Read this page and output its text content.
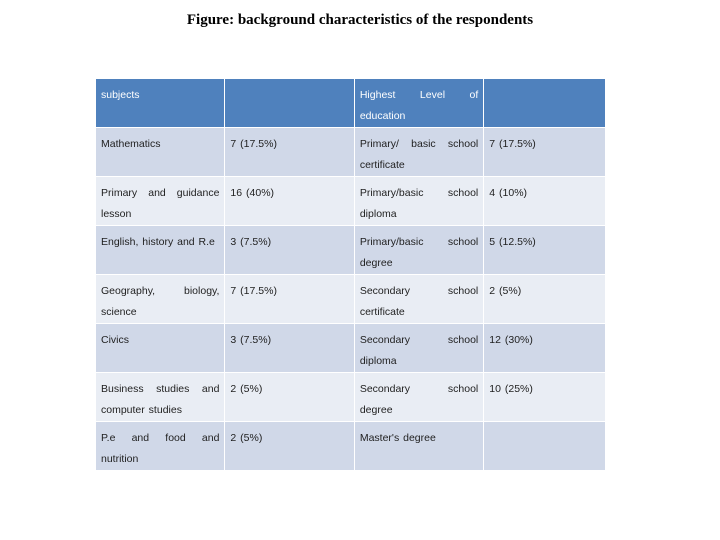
Figure: background characteristics of the respondents
subjects		Highest Level of education	
Mathematics	7 (17.5%)	Primary/ basic school certificate	7 (17.5%)
Primary and guidance lesson	16 (40%)	Primary/basic school diploma	4 (10%)
English, history and R.e	3 (7.5%)	Primary/basic school degree	5 (12.5%)
Geography, biology, science	7 (17.5%)	Secondary school certificate	2 (5%)
Civics	3 (7.5%)	Secondary school diploma	12 (30%)
Business studies and computer studies	2 (5%)	Secondary school degree	10 (25%)
P.e and food and nutrition	2 (5%)	Master's degree	
